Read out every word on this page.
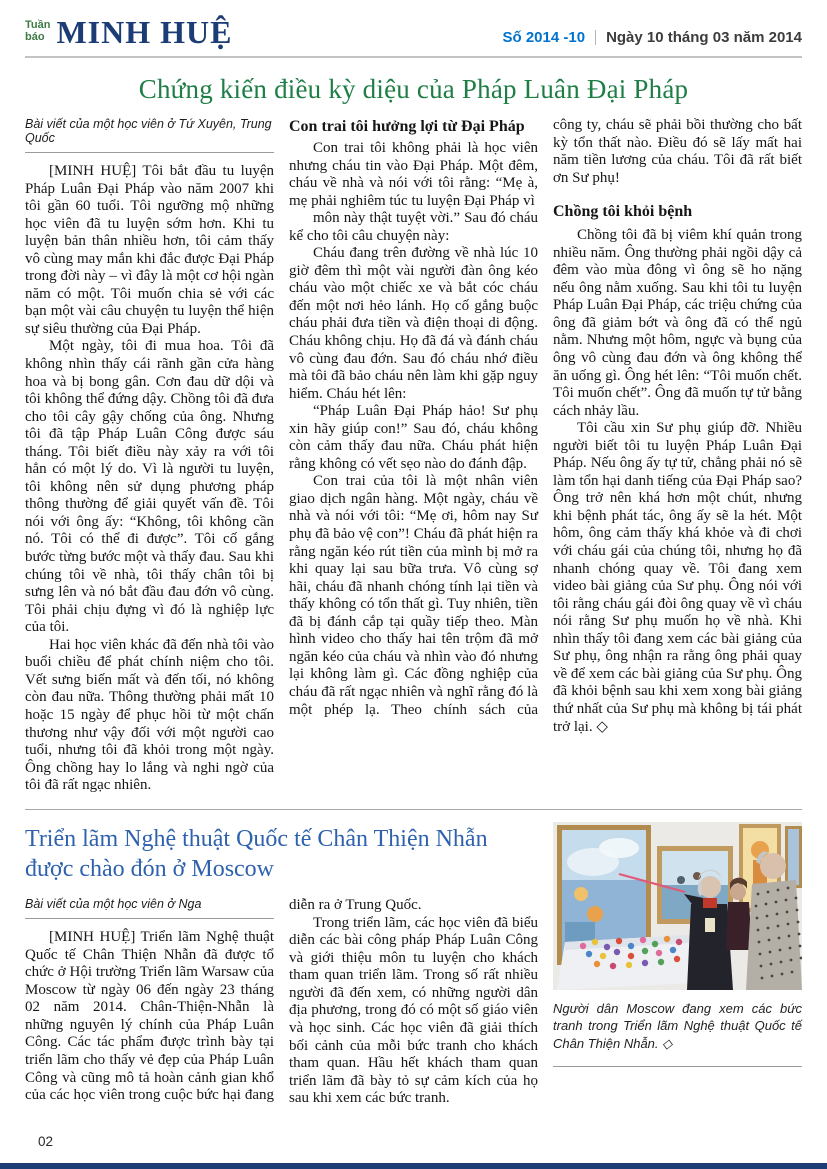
Tuần
báo MINH HUỆ	Số 2014 -10 Ngày 10 tháng 03 năm 2014
Chứng kiến điều kỳ diệu của Pháp Luân Đại Pháp
Bài viết của một học viên ở Tứ Xuyên, Trung Quốc

[MINH HUỆ] Tôi bắt đầu tu luyện Pháp Luân Đại Pháp vào năm 2007 khi tôi gần 60 tuổi. Tôi ngưỡng mộ những học viên đã tu luyện sớm hơn. Khi tu luyện bản thân nhiều hơn, tôi cảm thấy vô cùng may mắn khi đắc được Đại Pháp trong đời này – vì đây là một cơ hội ngàn năm có một. Tôi muốn chia sẻ với các bạn một vài câu chuyện tu luyện thể hiện sự siêu thường của Đại Pháp.

Một ngày, tôi đi mua hoa. Tôi đã không nhìn thấy cái rãnh gần cửa hàng hoa và bị bong gân. Cơn đau dữ dội và tôi không thể đứng dậy. Chồng tôi đã đưa cho tôi cây gậy chống của ông. Nhưng tôi đã tập Pháp Luân Công được sáu tháng. Tôi biết điều này xảy ra với tôi hẳn có một lý do. Vì là người tu luyện, tôi không nên sử dụng phương pháp thông thường để giải quyết vấn đề. Tôi nói với ông ấy: “Không, tôi không cần nó. Tôi có thể đi được”. Tôi cố gắng bước từng bước một và thấy đau. Sau khi chúng tôi về nhà, tôi thấy chân tôi bị sưng lên và nó bắt đầu đau đớn vô cùng. Tôi phải chịu đựng vì đó là nghiệp lực của tôi.

Hai học viên khác đã đến nhà tôi vào buổi chiều để phát chính niệm cho tôi. Vết sưng biến mất và đến tối, nó không còn đau nữa. Thông thường phải mất 10 hoặc 15 ngày để phục hồi từ một chấn thương như vậy đối với một người cao tuổi, nhưng tôi đã khỏi trong một ngày. Ông chồng hay lo lắng và nghi ngờ của tôi đã rất ngạc nhiên.

Con trai tôi hưởng lợi từ Đại Pháp

Con trai tôi không phải là học viên nhưng cháu tin vào Đại Pháp. Một đêm, cháu về nhà và nói với tôi rằng: “Mẹ à, mẹ phải nghiêm túc tu luyện Đại Pháp vì

môn này thật tuyệt vời.” Sau đó cháu kể cho tôi câu chuyện này:

Cháu đang trên đường về nhà lúc 10 giờ đêm thì một vài người đàn ông kéo cháu vào một chiếc xe và bắt cóc cháu đến một nơi hẻo lánh. Họ cố gắng buộc cháu phải đưa tiền và điện thoại di động. Cháu không chịu. Họ đã đá và đánh cháu vô cùng đau đớn. Sau đó cháu nhớ điều mà tôi đã bảo cháu nên làm khi gặp nguy hiểm. Cháu hét lên:

“Pháp Luân Đại Pháp hảo! Sư phụ xin hãy giúp con!” Sau đó, cháu không còn cảm thấy đau nữa. Cháu phát hiện rằng không có vết sẹo nào do đánh đập.

Con trai của tôi là một nhân viên giao dịch ngân hàng. Một ngày, cháu về nhà và nói với tôi: “Mẹ ơi, hôm nay Sư phụ đã bảo vệ con”! Cháu đã phát hiện ra rằng ngăn kéo rút tiền của mình bị mở ra khi quay lại sau bữa trưa. Vô cùng sợ hãi, cháu đã nhanh chóng tính lại tiền và thấy không có tổn thất gì. Tuy nhiên, tiền đã bị đánh cắp tại quầy tiếp theo. Màn hình video cho thấy hai tên trộm đã mở ngăn kéo của cháu và nhìn vào đó nhưng lại không làm gì. Các đồng nghiệp của cháu đã rất ngạc nhiên và nghĩ rằng đó là một phép lạ. Theo chính sách của

công ty, cháu sẽ phải bồi thường cho bất kỳ tổn thất nào. Điều đó sẽ lấy mất hai năm tiền lương của cháu. Tôi đã rất biết ơn Sư phụ!

Chồng tôi khỏi bệnh

Chồng tôi đã bị viêm khí quản trong nhiều năm. Ông thường phải ngồi dậy cả đêm vào mùa đông vì ông sẽ ho nặng nếu ông nằm xuống. Sau khi tôi tu luyện Pháp Luân Đại Pháp, các triệu chứng của ông đã giảm bớt và ông đã có thể ngủ nằm. Nhưng một hôm, ngực và bụng của ông vô cùng đau đớn và ông không thể ăn uống gì. Ông hét lên: “Tôi muốn chết. Tôi muốn chết”. Ông đã muốn tự tử bằng cách nhảy lầu.

Tôi cầu xin Sư phụ giúp đỡ. Nhiều người biết tôi tu luyện Pháp Luân Đại Pháp. Nếu ông ấy tự tử, chẳng phải nó sẽ làm tổn hại danh tiếng của Đại Pháp sao? Ông trở nên khá hơn một chút, nhưng khi bệnh phát tác, ông ấy sẽ la hét. Một hôm, ông cảm thấy khá khỏe và đi chơi với cháu gái của chúng tôi, nhưng họ đã nhanh chóng quay về. Tôi đang xem video bài giảng của Sư phụ. Ông nói với tôi rằng cháu gái đòi ông quay về vì cháu nói rằng Sư phụ muốn họ về nhà. Khi nhìn thấy tôi đang xem các bài giảng của Sư phụ, ông nhận ra rằng ông phải quay về để xem các bài giảng của Sư phụ. Ông đã khỏi bệnh sau khi xem xong bài giảng thứ nhất của Sư phụ mà không bị tái phát trở lại. ◇

Triển lãm Nghệ thuật Quốc tế Chân Thiện Nhẫn được chào đón ở Moscow
Bài viết của một học viên ở Nga

[MINH HUỆ] Triển lãm Nghệ thuật Quốc tế Chân Thiện Nhẫn đã được tổ chức ở Hội trường Triển lãm Warsaw của Moscow từ ngày 06 đến ngày 23 tháng 02 năm 2014. Chân-Thiện-Nhẫn là những nguyên lý chính của Pháp Luân Công. Các tác phẩm được trình bày tại triển lãm cho thấy vẻ đẹp của Pháp Luân Công và cũng mô tả hoàn cảnh gian khổ của các học viên trong cuộc bức hại đang

diễn ra ở Trung Quốc.

Trong triển lãm, các học viên đã biểu diễn các bài công pháp Pháp Luân Công và giới thiệu môn tu luyện cho khách tham quan triển lãm. Trong số rất nhiều người đã đến xem, có những người dân địa phương, trong đó có một số giáo viên và học sinh. Các học viên đã giải thích bối cảnh của mỗi bức tranh cho khách tham quan. Hầu hết khách tham quan triển lãm đã bày tỏ sự cảm kích của họ sau khi xem các bức tranh.

Người dân Moscow đang xem các bức tranh trong Triển lãm Nghệ thuật Quốc tế Chân Thiện Nhẫn. ◇

02
